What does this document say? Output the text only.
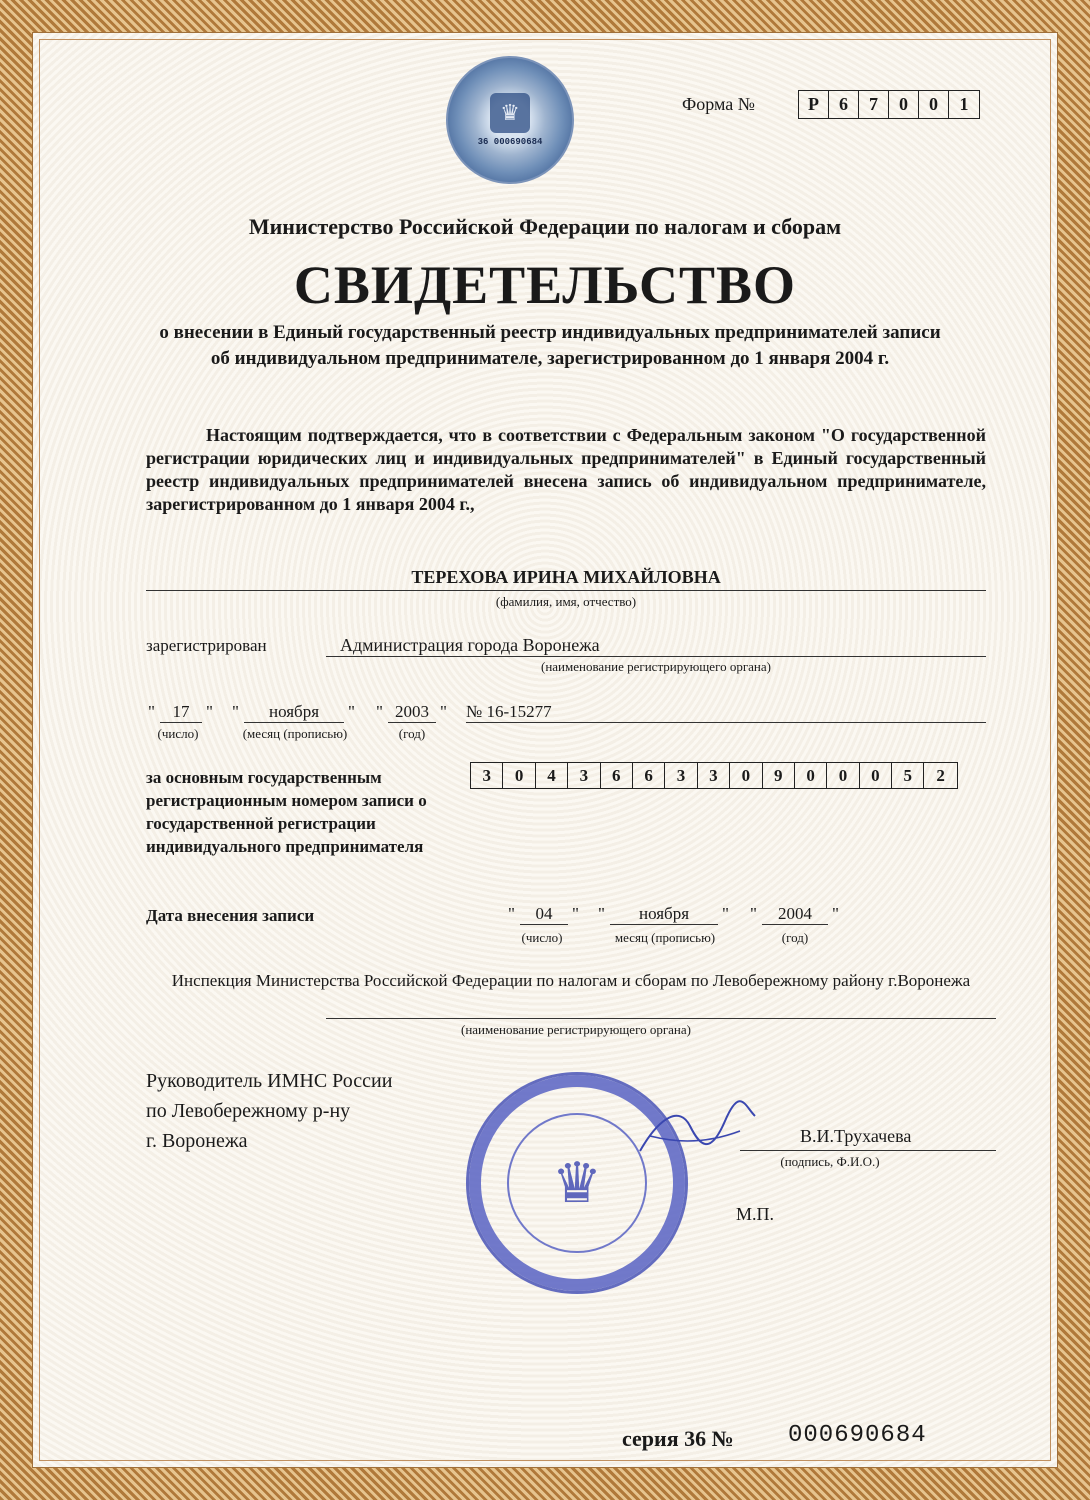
♛
36 000690684
Форма №	Р	6	7	0	0	1
Министерство Российской Федерации по налогам и сборам
СВИДЕТЕЛЬСТВО
о внесении в Единый государственный реестр индивидуальных предпринимателей записи об индивидуальном предпринимателе, зарегистрированном до 1 января 2004 г.
Настоящим подтверждается, что в соответствии с Федеральным законом "О государственной регистрации юридических лиц и индивидуальных предпринимателей" в Единый государственный реестр индивидуальных предпринимателей внесена запись об индивидуальном предпринимателе, зарегистрированном до 1 января 2004 г.,
ТЕРЕХОВА ИРИНА МИХАЙЛОВНА
(фамилия, имя, отчество)
зарегистрирован	Администрация города Воронежа
(наименование регистрирующего органа)
"	17 "
(число)
"	ноября	"
(месяц (прописью)
" 2003 "
(год)
№ 16-15277
за основным государственным регистрационным номером записи о государственной регистрации индивидуального предпринимателя
3	0	4	3	6	6	3	3	0	9	0	0	0	5	2
Дата внесения записи	"	04	"
(число)
"	ноября	"
месяц (прописью)
"	2004	"
(год)
Инспекция Министерства Российской Федерации по налогам и сборам по Левобережному району г.Воронежа
(наименование регистрирующего органа)
Руководитель ИМНС России
по Левобережному р-ну
г. Воронежа
♛
В.И.Трухачева
(подпись, Ф.И.О.)
М.П.
серия 36 № 000690684
